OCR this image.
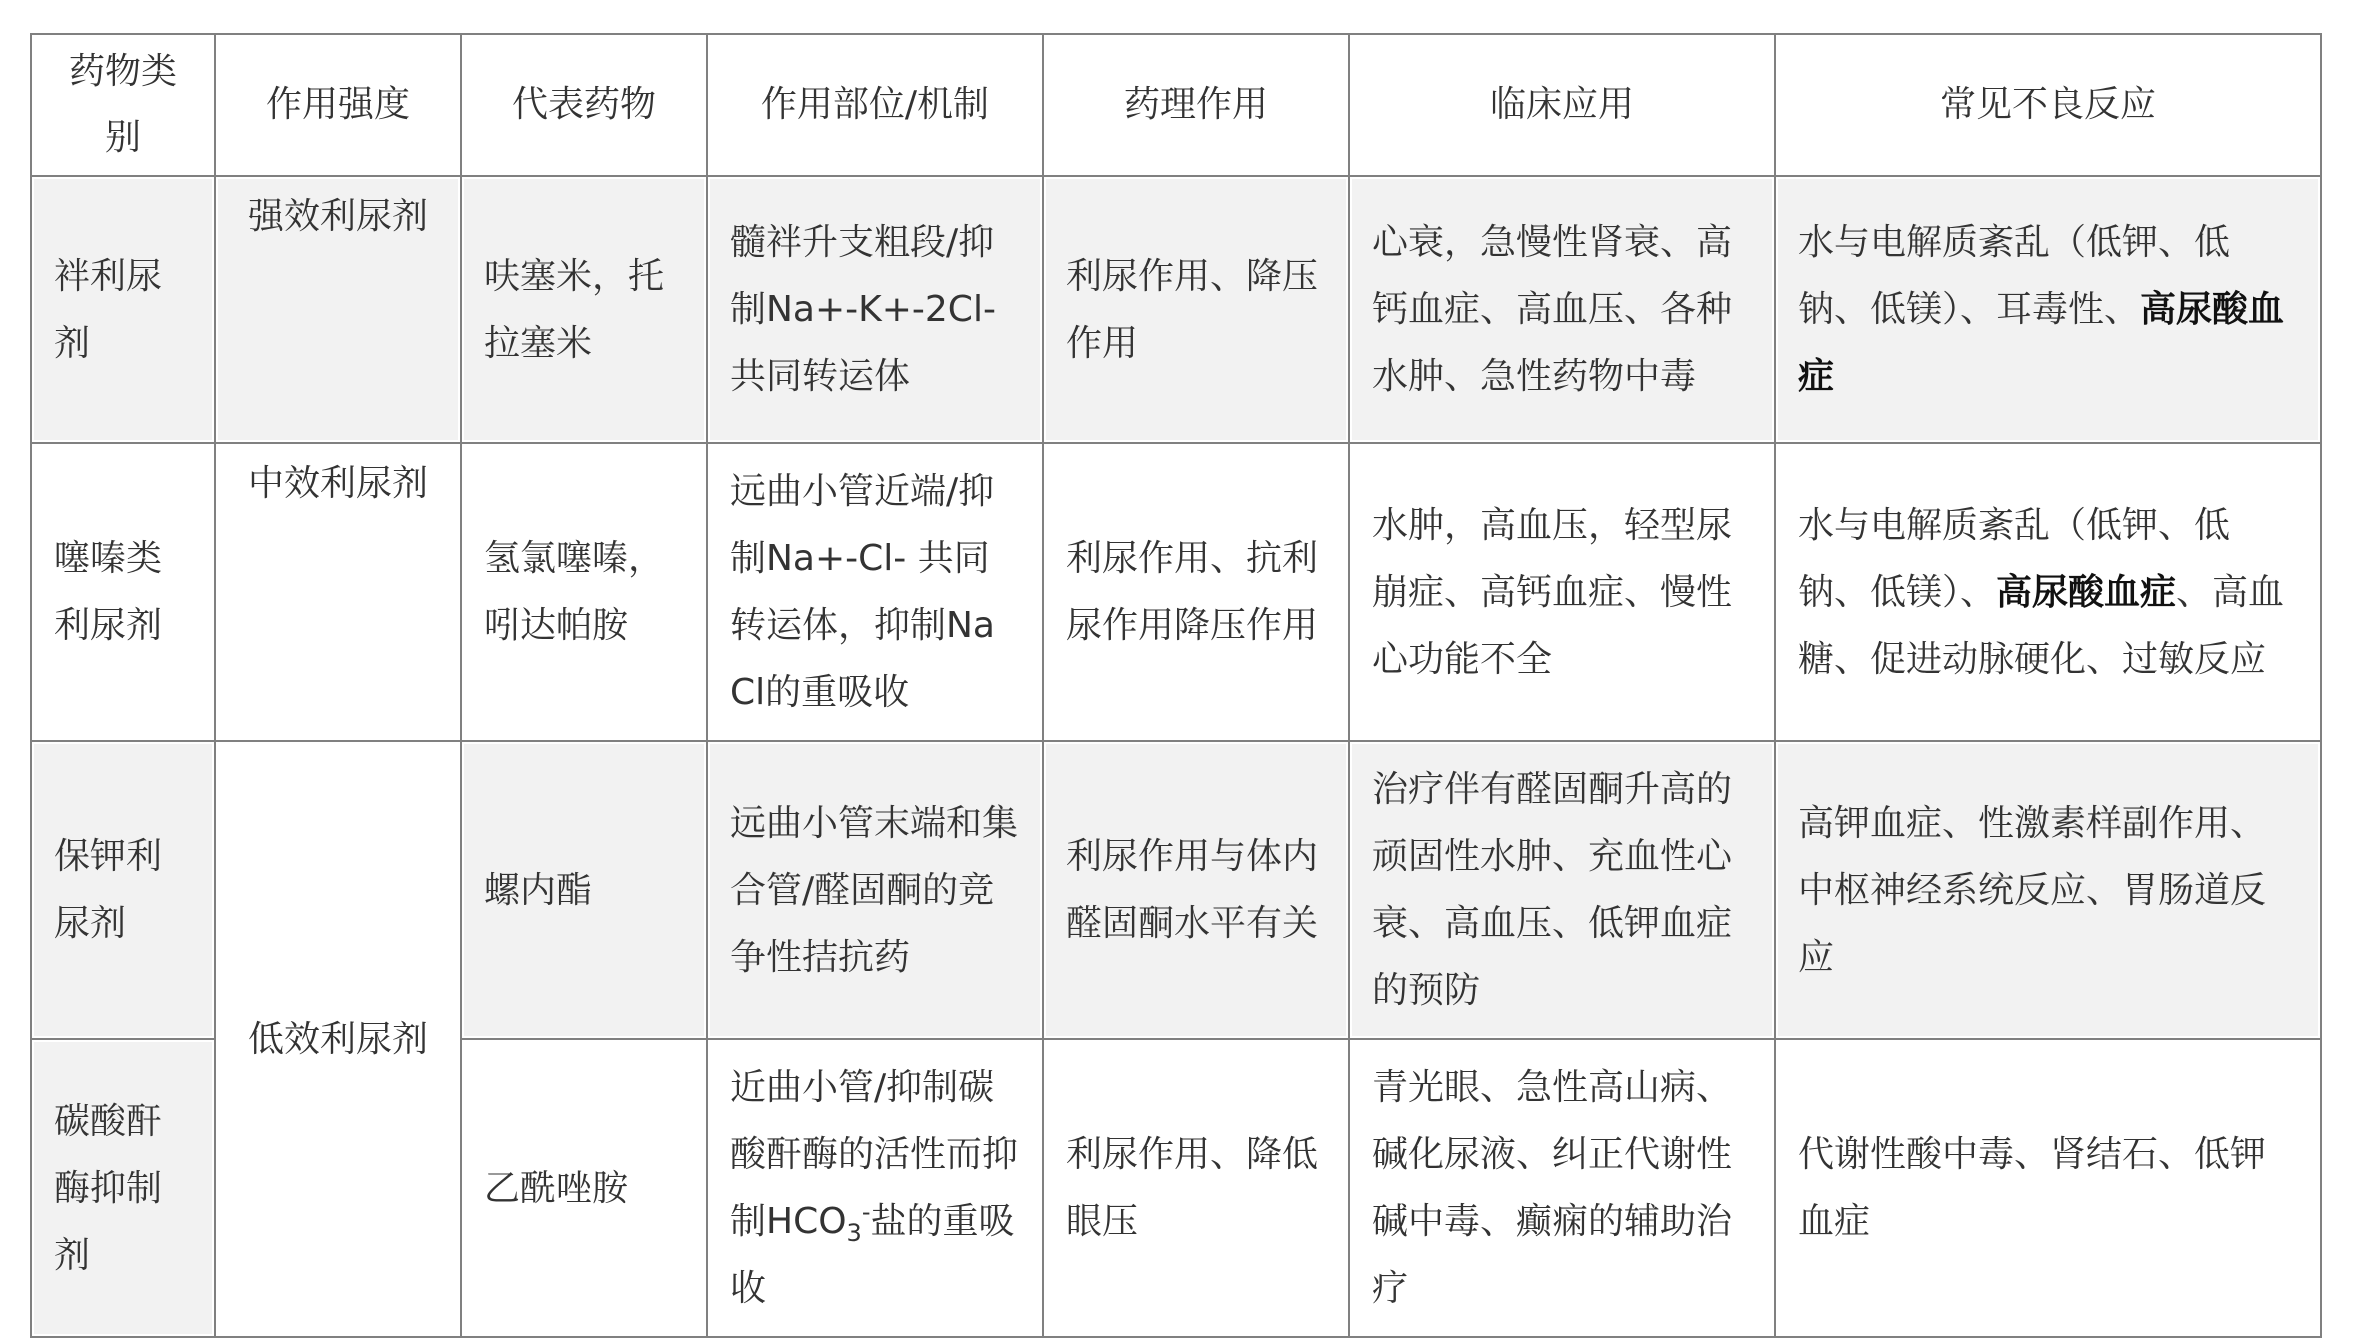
药物类别	作用强度	代表药物	作用部位/机制	药理作用	临床应用	常见不良反应
袢利尿剂	强效利尿剂	呋塞米，托拉塞米	髓袢升支粗段/抑制Na+-K+-2Cl-共同转运体	利尿作用、降压作用	心衰，急慢性肾衰、高钙血症、高血压、各种水肿、急性药物中毒	水与电解质紊乱（低钾、低钠、低镁）、耳毒性、高尿酸血症
噻嗪类利尿剂	中效利尿剂	氢氯噻嗪，吲达帕胺	远曲小管近端/抑制Na+-Cl- 共同转运体，抑制NaCl的重吸收	利尿作用、抗利尿作用降压作用	水肿，高血压，轻型尿崩症、高钙血症、慢性心功能不全	水与电解质紊乱（低钾、低钠、低镁）、高尿酸血症、高血糖、促进动脉硬化、过敏反应
保钾利尿剂	低效利尿剂	螺内酯	远曲小管末端和集合管/醛固酮的竞争性拮抗药	利尿作用与体内醛固酮水平有关	治疗伴有醛固酮升高的顽固性水肿、充血性心衰、高血压、低钾血症的预防	高钾血症、性激素样副作用、中枢神经系统反应、胃肠道反应
碳酸酐酶抑制剂		乙酰唑胺	近曲小管/抑制碳酸酐酶的活性而抑制$HCO_3^-$盐的重吸收	利尿作用、降低眼压	青光眼、急性高山病、碱化尿液、纠正代谢性碱中毒、癫痫的辅助治疗	代谢性酸中毒、肾结石、低钾血症
